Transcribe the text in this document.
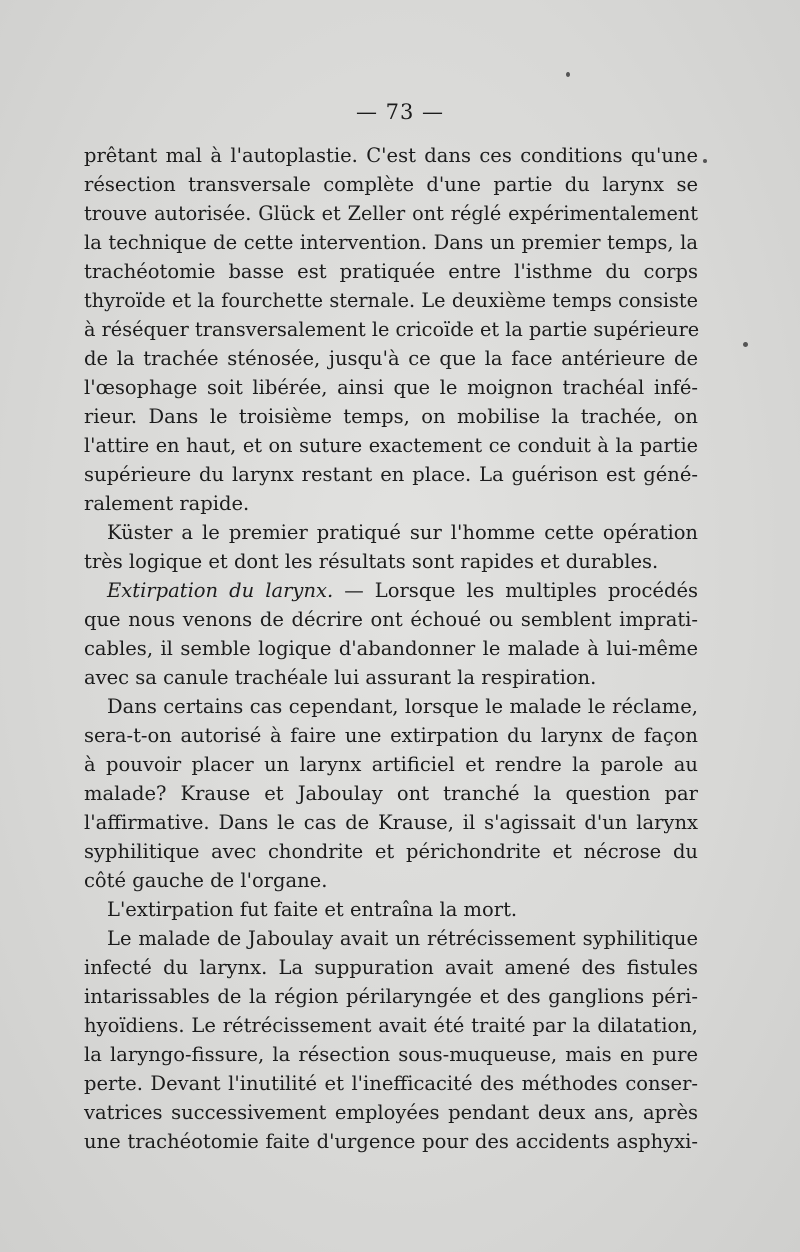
— 73 —
prêtant mal à l'autoplastie. C'est dans ces conditions qu'une
résection transversale complète d'une partie du larynx se
trouve autorisée. Glück et Zeller ont réglé expérimentalement
la technique de cette intervention. Dans un premier temps, la
trachéotomie basse est pratiquée entre l'isthme du corps
thyroïde et la fourchette sternale. Le deuxième temps consiste
à réséquer transversalement le cricoïde et la partie supérieure
de la trachée sténosée, jusqu'à ce que la face antérieure de
l'œsophage soit libérée, ainsi que le moignon trachéal infé-
rieur. Dans le troisième temps, on mobilise la trachée, on
l'attire en haut, et on suture exactement ce conduit à la partie
supérieure du larynx restant en place. La guérison est géné-
ralement rapide.
Küster a le premier pratiqué sur l'homme cette opération
très logique et dont les résultats sont rapides et durables.
Extirpation du larynx. — Lorsque les multiples procédés
que nous venons de décrire ont échoué ou semblent imprati-
cables, il semble logique d'abandonner le malade à lui-même
avec sa canule trachéale lui assurant la respiration.
Dans certains cas cependant, lorsque le malade le réclame,
sera-t-on autorisé à faire une extirpation du larynx de façon
à pouvoir placer un larynx artificiel et rendre la parole au
malade? Krause et Jaboulay ont tranché la question par
l'affirmative. Dans le cas de Krause, il s'agissait d'un larynx
syphilitique avec chondrite et périchondrite et nécrose du
côté gauche de l'organe.
L'extirpation fut faite et entraîna la mort.
Le malade de Jaboulay avait un rétrécissement syphilitique
infecté du larynx. La suppuration avait amené des fistules
intarissables de la région périlaryngée et des ganglions péri-
hyoïdiens. Le rétrécissement avait été traité par la dilatation,
la laryngo-fissure, la résection sous-muqueuse, mais en pure
perte. Devant l'inutilité et l'inefficacité des méthodes conser-
vatrices successivement employées pendant deux ans, après
une trachéotomie faite d'urgence pour des accidents asphyxi-
